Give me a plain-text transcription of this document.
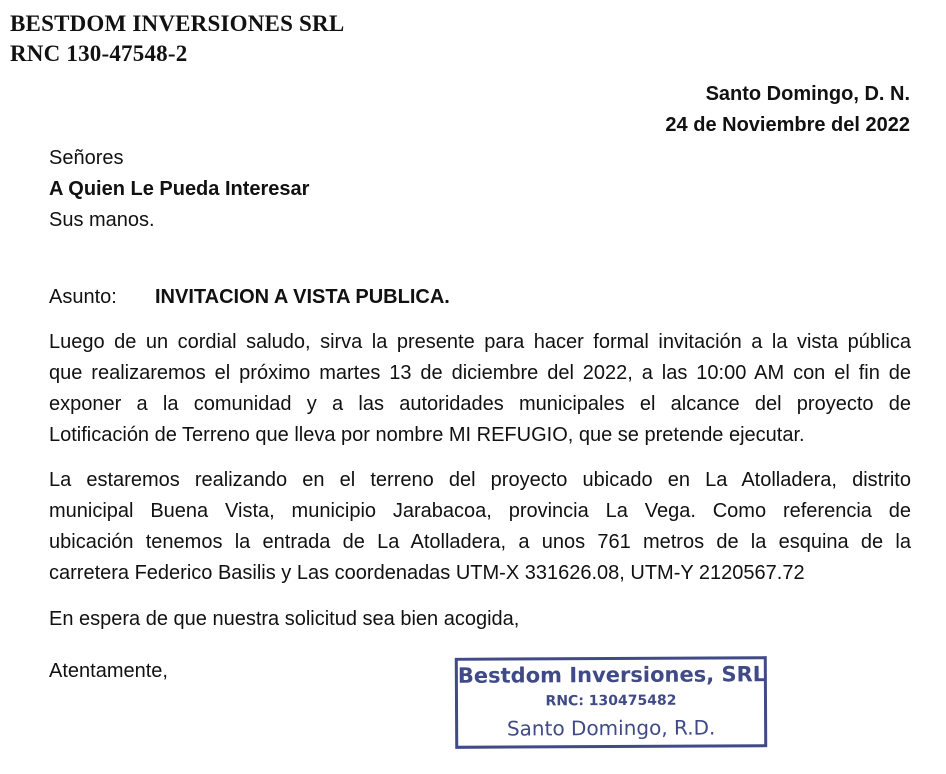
BESTDOM INVERSIONES SRL
RNC 130-47548-2
Santo Domingo, D. N.
24 de Noviembre del 2022
Señores
A Quien Le Pueda Interesar
Sus manos.
Asunto: INVITACION A VISTA PUBLICA.
Luego de un cordial saludo, sirva la presente para hacer formal invitación a la vista pública
que realizaremos el próximo martes 13 de diciembre del 2022, a las 10:00 AM con el fin de
exponer a la comunidad y a las autoridades municipales el alcance del proyecto de
Lotificación de Terreno que lleva por nombre MI REFUGIO, que se pretende ejecutar.
La estaremos realizando en el terreno del proyecto ubicado en La Atolladera, distrito
municipal Buena Vista, municipio Jarabacoa, provincia La Vega. Como referencia de
ubicación tenemos la entrada de La Atolladera, a unos 761 metros de la esquina de la
carretera Federico Basilis y Las coordenadas UTM-X 331626.08, UTM-Y 2120567.72
En espera de que nuestra solicitud sea bien acogida,
Atentamente,	Bestdom Inversiones, SRL
RNC: 130475482
Santo Domingo, R.D.
